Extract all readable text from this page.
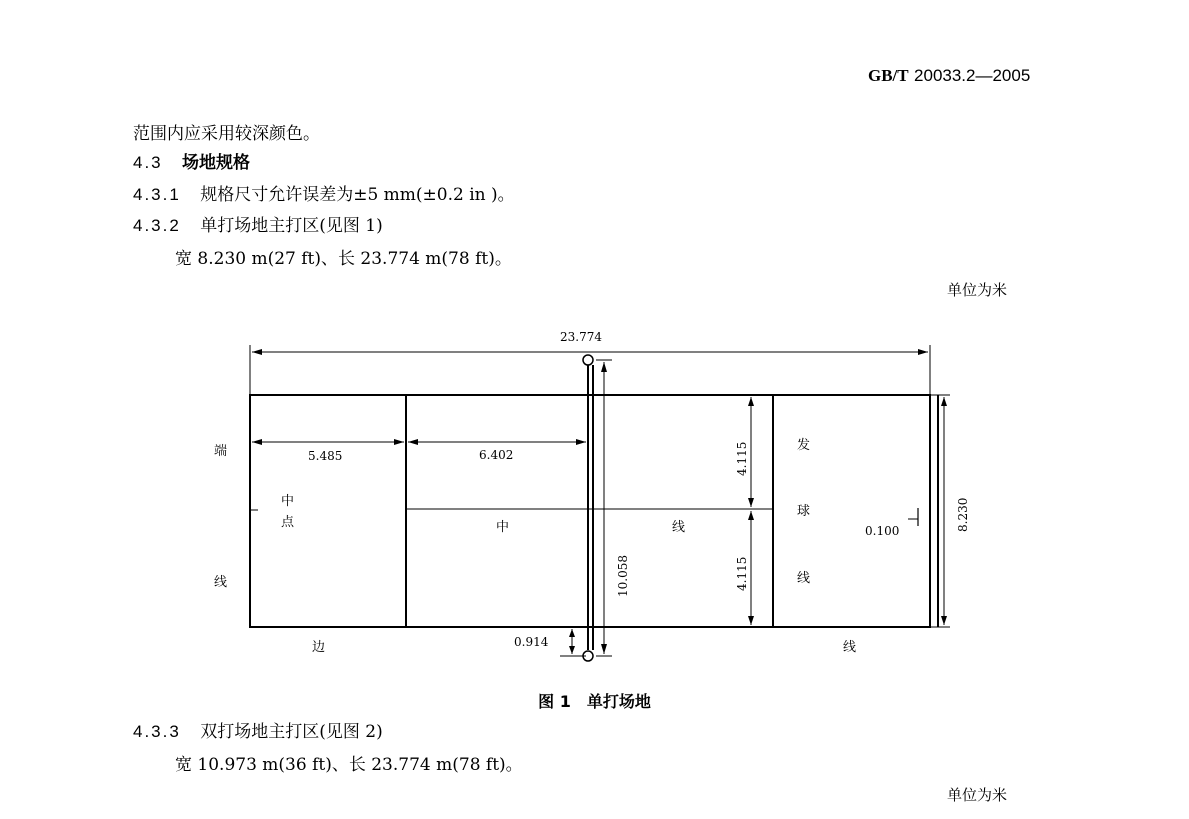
GB/T 20033.2—2005
范围内应采用较深颜色。
4.3 场地规格
4.3.1 规格尺寸允许误差为±5 mm(±0.2 in )。
4.3.2 单打场地主打区(见图 1)
宽 8.230 m(27 ft)、长 23.774 m(78 ft)。
单位为米
23.774
5.485	6.402
0.914
0.100
4.115
4.115
10.058
8.230
端
线
中
点	中	线
发
球
线
边	线
图 1　单打场地
4.3.3 双打场地主打区(见图 2)
宽 10.973 m(36 ft)、长 23.774 m(78 ft)。
单位为米
